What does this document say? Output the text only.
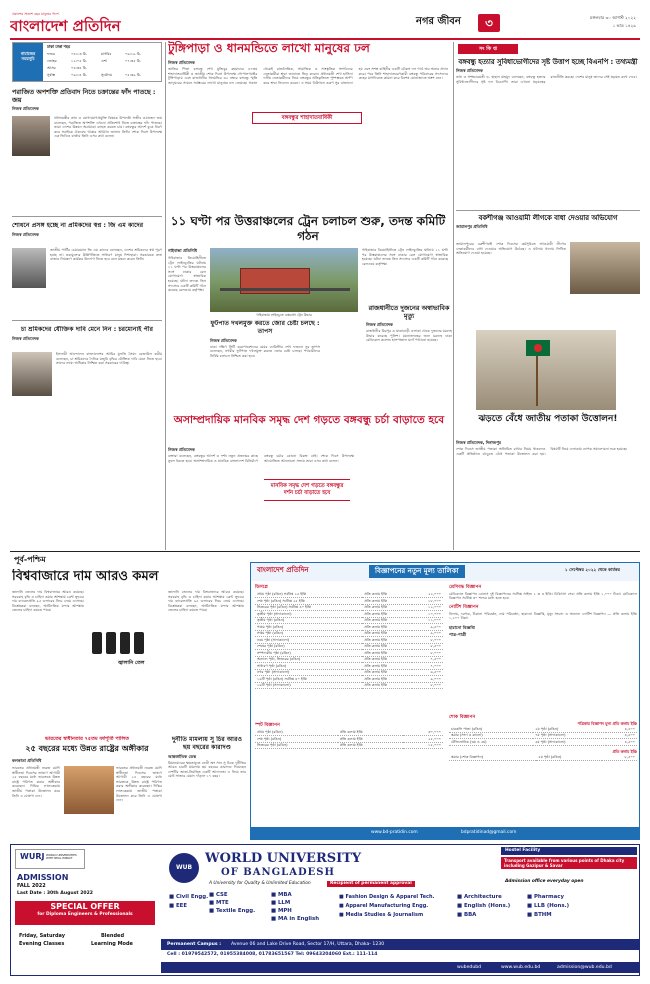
প্রকাশের সাতাশ বছর মানুষের পাশে
বাংলাদেশ প্রতিদিন	নগর জীবন	৩	মঙ্গলবার ৩০ আগস্ট ২০২২
১ ভাদ্র ১৪২৯
নামাজের সময়সূচি
ঢাকা ঢাকা শহর
ফজর	০৪:১৩ মি.	মাগরিব	০৬:১৯ মি.
জোহর	১২:০৫ মি.	এশা	০৭:৩৫ মি.
আসর	০৪:৩৪ মি.
সূর্যাস্ত	০৬:১৪ মি.	সূর্যোদয়	০৫:৩৯ মি.
পরাজিত অপশক্তি প্রতিবাদ নিতে চক্রান্তের ফাঁদ পাতছে : জয়
নিজস্ব প্রতিবেদক
প্রধানমন্ত্রীর তথ্য ও যোগাযোগপ্রযুক্তি বিষয়ক উপদেষ্টা সজীব ওয়াজেদ জয় বলেছেন, পরাজিত অপশক্তি এখনো প্রতিশোধ নিতে চক্রান্তের ফাঁদ পাতছে। তারা দেশের উন্নয়ন অগ্রযাত্রা ব্যাহত করতে চায়। বঙ্গবন্ধুর আদর্শ বুকে ধারণ করে সবাইকে ঐক্যবদ্ধ থাকার আহ্বান জানান তিনি। শোক দিবস উপলক্ষে এক ভিডিও বার্তায় তিনি এসব কথা বলেন।
শোধনে প্রসঙ্গ হচ্ছে না প্রমিকদের স্বপ্ন : জি এম কাদের
নিজস্ব প্রতিবেদক
জাতীয় পার্টির চেয়ারম্যান জি এম কাদের বলেছেন, দেশের শ্রমিকদের স্বপ্ন পূরণ হচ্ছে না। দ্রব্যমূল্যের ঊর্ধ্বগতিতে সাধারণ মানুষ দিশাহারা। সরকারকে দ্রুত বাজার নিয়ন্ত্রণে কার্যকর উদ্যোগ নিতে হবে বলে মন্তব্য করেন তিনি।
চা শ্রমিকদের যৌক্তিক দাবি মেনে নিন : চরমোনাই পীর
নিজস্ব প্রতিবেদক
ইসলামী আন্দোলন বাংলাদেশের আমির মুফতি সৈয়দ রেজাউল করীম বলেছেন, চা শ্রমিকদের দৈনিক মজুরি বৃদ্ধির যৌক্তিক দাবি মেনে নিতে হবে। তাদের ন্যায্য অধিকার নিশ্চিত করা সরকারের দায়িত্ব।
টুঙ্গিপাড়া ও ধানমন্ডিতে লাখো মানুষের ঢল
নিজস্ব প্রতিবেদক
জাতির পিতা বঙ্গবন্ধু শেখ মুজিবুর রহমানের ৪৭তম শাহাদাতবার্ষিকী ও জাতীয় শোক দিবস উপলক্ষে গোপালগঞ্জের টুঙ্গিপাড়ায় এবং রাজধানীর ধানমন্ডির ৩২ নম্বরে বঙ্গবন্ধু স্মৃতি জাদুঘরের সামনে সর্বস্তরের লাখো মানুষের ঢল নেমেছে। সকাল থেকেই রাজনৈতিক, সামাজিক ও সাংস্কৃতিক সংগঠনের নেতাকর্মীরা শ্রদ্ধা জানাতে ভিড় করেন। প্রধানমন্ত্রী শেখ হাসিনা দলীয় নেতাকর্মীদের নিয়ে বঙ্গবন্ধুর প্রতিকৃতিতে পুষ্পস্তবক অর্পণ করে শ্রদ্ধা নিবেদন করেন। এ সময় বিউগলে করুণ সুর বাজানো হয় এবং সশস্ত্র বাহিনীর একটি চৌকস দল গার্ড অব অনার প্রদান করে। পরে তিনি শাহাদাতবরণকারী বঙ্গবন্ধু পরিবারের সদস্যদের রুহের মাগফিরাত কামনা করে বিশেষ মোনাজাতে অংশ নেন।
বঙ্গবন্ধুর শাহাদাতবার্ষিকী
১১ ঘণ্টা পর উত্তরাঞ্চলের ট্রেন চলাচল শুরু, তদন্ত কমিটি গঠন
গাইবান্ধা প্রতিনিধি
গাইবান্ধার ত্রিমোহিনীতে ট্রেন লাইনচ্যুতির ঘটনায় ১১ ঘণ্টা পর উত্তরাঞ্চলের সঙ্গে ঢাকার রেল যোগাযোগ স্বাভাবিক হয়েছে। ঘটনা তদন্তে তিন সদস্যের একটি কমিটি গঠন করেছে রেলওয়ে কর্তৃপক্ষ।
গাইবান্ধায় লাইনচ্যুত এক্সপ্রেস ট্রেন উদ্ধার
গাইবান্ধার ত্রিমোহিনীতে ট্রেন লাইনচ্যুতির ঘটনায় ১১ ঘণ্টা পর উত্তরাঞ্চলের সঙ্গে ঢাকার রেল যোগাযোগ স্বাভাবিক হয়েছে। ঘটনা তদন্তে তিন সদস্যের একটি কমিটি গঠন করেছে রেলওয়ে কর্তৃপক্ষ।
ফুটপাত দখলমুক্ত করতে জোর চেষ্টা চলছে : তাপস
নিজস্ব প্রতিবেদক
ঢাকা দক্ষিণ সিটি করপোরেশনের মেয়র ব্যারিস্টার শেখ ফজলে নূর তাপস বলেছেন, নগরীর ফুটপাত দখলমুক্ত করতে জোর চেষ্টা চলছে। পথচারীদের নির্বিঘ্ন চলাচল নিশ্চিত করা হবে।
রাজধানীতে দুজনের অস্বাভাবিক মৃত্যু
নিজস্ব প্রতিবেদক
রাজধানীর মিরপুর ও যাত্রাবাড়ী এলাকা থেকে দুজনের মরদেহ উদ্ধার করেছে পুলিশ। ময়নাতদন্তের জন্য মরদেহ ঢাকা মেডিকেল কলেজ হাসপাতাল মর্গে পাঠানো হয়েছে।
অসাম্প্রদায়িক মানবিক সমৃদ্ধ দেশ গড়তে বঙ্গবন্ধু চর্চা বাড়াতে হবে
নিজস্ব প্রতিবেদক
বক্তারা বলেছেন, বঙ্গবন্ধুর আদর্শ ও দর্শন নতুন প্রজন্মের কাছে তুলে ধরতে হবে। অসাম্প্রদায়িক ও মানবিক বাংলাদেশ বিনির্মাণে বঙ্গবন্ধু চর্চার কোনো বিকল্প নেই। শোক দিবস উপলক্ষে আয়োজিত আলোচনা সভায় তারা এসব কথা বলেন।
মানবিক সমৃদ্ধ দেশ গড়তে বঙ্গবন্ধুর দর্শন চর্চা বাড়াতে হবে
সং কি প্ত
বঙ্গবন্ধু হত্যার সুবিধাভোগীদের সৃষ্ট উত্তাপ হচ্ছে বিএনপি : তথ্যমন্ত্রী
নিজস্ব প্রতিবেদক
তথ্য ও সম্প্রচারমন্ত্রী ড. হাছান মাহমুদ বলেছেন, বঙ্গবন্ধু হত্যার সুবিধাভোগীদের সৃষ্ট দল বিএনপি। তারা এখনো ষড়যন্ত্রের রাজনীতি করছে। দেশের মানুষ তাদের সেই ষড়যন্ত্র রুখে দেবে।
বকশীগঞ্জ আওয়ামী লীগকে বাধা দেওয়ার অভিযোগ
জামালপুর প্রতিনিধি
জামালপুরের বকশীগঞ্জে শোক দিবসের কর্মসূচিতে আওয়ামী লীগের নেতাকর্মীদের বাধা দেওয়ার অভিযোগ উঠেছে। এ ঘটনায় থানায় লিখিত অভিযোগ দেওয়া হয়েছে।
ঝড়তে বেঁধে জাতীয় পতাকা উত্তোলন!
নিজস্ব প্রতিবেদক, দিনাজপুর
শোক দিবসে জাতীয় পতাকা অর্ধনমিত রাখার নিয়ম থাকলেও একটি প্রতিষ্ঠানে ঝাড়ুতে বেঁধে পতাকা উত্তোলন করা হয়। বিষয়টি নিয়ে এলাকায় ব্যাপক সমালোচনা শুরু হয়েছে।
পূর্ব-পশ্চিম
বিশ্ববাজারে দাম আরও কমল
জ্বালানি তেলের দাম বিশ্ববাজারে আরও কমেছে। সরবরাহ বৃদ্ধি ও চাহিদা কমার আশঙ্কায় ব্রেন্ট ক্রুডের দাম ব্যারেলপ্রতি ৯৫ ডলারের নিচে নেমে এসেছে। বিশ্লেষকরা বলছেন, অর্থনৈতিক মন্দার আশঙ্কায় তেলের চাহিদা কমতে পারে।
জ্বালানি তেল
জ্বালানি তেলের দাম বিশ্ববাজারে আরও কমেছে। সরবরাহ বৃদ্ধি ও চাহিদা কমার আশঙ্কায় ব্রেন্ট ক্রুডের দাম ব্যারেলপ্রতি ৯৫ ডলারের নিচে নেমে এসেছে। বিশ্লেষকরা বলছেন, অর্থনৈতিক মন্দার আশঙ্কায় তেলের চাহিদা কমতে পারে।
ভারতের স্বাধীনতার ৭৫তম বর্ষপূর্তি পালিত
২৫ বছরের মধ্যে উন্নত রাষ্ট্রের অঙ্গীকার
কলকাতা প্রতিনিধি
ভারতের প্রধানমন্ত্রী নরেন্দ্র মোদি স্বাধীনতা দিবসের ভাষণে আগামী ২৫ বছরের মধ্যে ভারতকে উন্নত রাষ্ট্রে পরিণত করার অঙ্গীকার করেছেন। দিল্লির লালকেল্লায় জাতীয় পতাকা উত্তোলন করে তিনি এ ঘোষণা দেন।
ভারতের প্রধানমন্ত্রী নরেন্দ্র মোদি স্বাধীনতা দিবসের ভাষণে আগামী ২৫ বছরের মধ্যে ভারতকে উন্নত রাষ্ট্রে পরিণত করার অঙ্গীকার করেছেন। দিল্লির লালকেল্লায় জাতীয় পতাকা উত্তোলন করে তিনি এ ঘোষণা দেন।
দুর্নীতি মামলায় সু চির আরও ছয় বছরের কারাদণ্ড
আন্তর্জাতিক ডেস্ক
মিয়ানমারের ক্ষমতাচ্যুত নেত্রী অং সান সু চিকে দুর্নীতির আরও চারটি মামলায় ছয় বছরের কারাদণ্ড দিয়েছেন দেশটির জান্তা-নিয়ন্ত্রিত একটি আদালত। এ নিয়ে তার মোট সাজার মেয়াদ দাঁড়াল ১৭ বছর।
বাংলাদেশ প্রতিদিন	বিজ্ঞাপনের নতুন মূল্য তালিকা	১ সেপ্টেম্বর ২০২২ থেকে কার্যকর
ডিসপ্লে
প্রথম পৃষ্ঠা (রঙিন) সর্বনিম্ন ২৫ ইঞ্চি	প্রতি কলাম ইঞ্চি	২২,০০০
শেষ পৃষ্ঠা (রঙিন) সর্বনিম্ন ২৫ ইঞ্চি	প্রতি কলাম ইঞ্চি	১৮,০০০
ভিতরের পৃষ্ঠা (রঙিন) সর্বনিম্ন ৪০ ইঞ্চি	প্রতি কলাম ইঞ্চি	১২,০০০
তৃতীয় পৃষ্ঠা (সাদাকালো)	প্রতি কলাম ইঞ্চি	১০,০০০
তৃতীয় পৃষ্ঠা (রঙিন)	প্রতি কলাম ইঞ্চি	১১,০০০
পঞ্চম পৃষ্ঠা (রঙিন)	প্রতি কলাম ইঞ্চি	৯,৫০০
সপ্তম পৃষ্ঠা (রঙিন)	প্রতি কলাম ইঞ্চি	৯,০০০
নবম পৃষ্ঠা (সাদাকালো)	প্রতি কলাম ইঞ্চি	৮,০০০
শেষের পৃষ্ঠা (রঙিন)	প্রতি কলাম ইঞ্চি	৮,৫০০
সম্পাদকীয় পৃষ্ঠা (রঙিন)	প্রতি কলাম ইঞ্চি	৮,০০০
অন্যান্য পৃষ্ঠা, ভিতরের (রঙিন)	প্রতি কলাম ইঞ্চি	৭,৫০০
সাধারণ পৃষ্ঠা (রঙিন)	প্রতি কলাম ইঞ্চি	৭,০০০
নগর পৃষ্ঠা (সাদাকালো)	প্রতি কলাম ইঞ্চি	৬,৫০০
১৬টি পৃষ্ঠা (রঙিন) সর্বনিম্ন ৪০ ইঞ্চি	প্রতি কলাম ইঞ্চি	৯,০০০
১৬টি পৃষ্ঠা (সাদাকালো)	প্রতি কলাম ইঞ্চি	৮,০০০
স্পট বিজ্ঞাপন
প্রথম পৃষ্ঠা (রঙিন)	প্রতি কলাম ইঞ্চি	৩০,০০০
শেষ পৃষ্ঠা (রঙিন)	প্রতি কলাম ইঞ্চি	২৫,০০০
ভিতরের পৃষ্ঠা (রঙিন)	প্রতি কলাম ইঞ্চি	১৫,০০০
শ্রেণিবদ্ধ বিজ্ঞাপন
মেডিক্যাল বিজ্ঞাপন বোনাস দুই বিজ্ঞাপনের সর্বনিম্ন সাইজ ২ × ৩ ইঞ্চি। চিকিৎসা সেবা প্রতি কলাম ইঞ্চি ১,০০০ টাকা। মেডিক্যাল বিজ্ঞাপন সর্বনিম্ন ৩০ শব্দের মধ্যে হতে হবে।
নোটিশ বিজ্ঞাপন
নিলাম, দরপত্র, ঠিকানা পরিবর্তন, নাম পরিবর্তন, হারানো বিজ্ঞপ্তি, মৃত্যু সংবাদ ও অন্যান্য নোটিশ বিজ্ঞাপন — প্রতি কলাম ইঞ্চি ১,২০০ টাকা।
হারানো বিজ্ঞপ্তি
পাত্র-পাত্রী
শোক বিজ্ঞাপন
পত্রিকার বিজ্ঞাপন মূল্য প্রতি কলাম ইঞ্চি
চারকলি পাতা (রঙিন)	২য় পৃষ্ঠা (রঙিন)	৪,৫০০
স্কয়ার (সাদা ও কালো)	৭ম পৃষ্ঠা (সাদাকালো)	৪,৫০০
টেলিফোনিক (৩য় ও ৫ম)	৫ম পৃষ্ঠা (সাদাকালো)	৪,৫০০
প্রতি কলাম ইঞ্চি
স্কয়ার (শোক বিজ্ঞাপন)	৫ম পৃষ্ঠা (রঙিন)	৮,৫০০
www.bd-pratidin.com	bdpratidinad@gmail.com
WURJ WORLD UNIVERSITIES WITH REAL IMPACT
ADMISSION
FALL 2022
Last Date : 30th August 2022
SPECIAL OFFER
for Diploma Engineers & Professionals
Friday, Saturday
Evening Classes
Blended
Learning Mode
WUB
WORLD UNIVERSITY
OF BANGLADESH
A University for Quality & Unlimited Education	Recipient of permanent approval
■ Civil Engg.
■ EEE
■ CSE
■ MTE
■ Textile Engg.
■ MBA
■ LLM
■ MPH
■ MA in English
■ Fashion Design & Apparel Tech.
■ Apparel Manufacturing Engg.
■ Media Studies & Journalism
■ Architecture
■ English (Hons.)
■ BBA
■ Pharmacy
■ LLB (Hons.)
■ BTHM
Hostel Facility
Transport available from various points of Dhaka city including Gazipur & Savar
Admission office everyday open
Permanent Campus : Avenue 06 and Lake Drive Road, Sector 17/H, Uttara, Dhaka- 1230
Cell : 01979542572, 01955384008, 01783651567 Tel: 09643204060 Ext.: 111-114
wubedubd	www.wub.edu.bd	admission@wub.edu.bd
